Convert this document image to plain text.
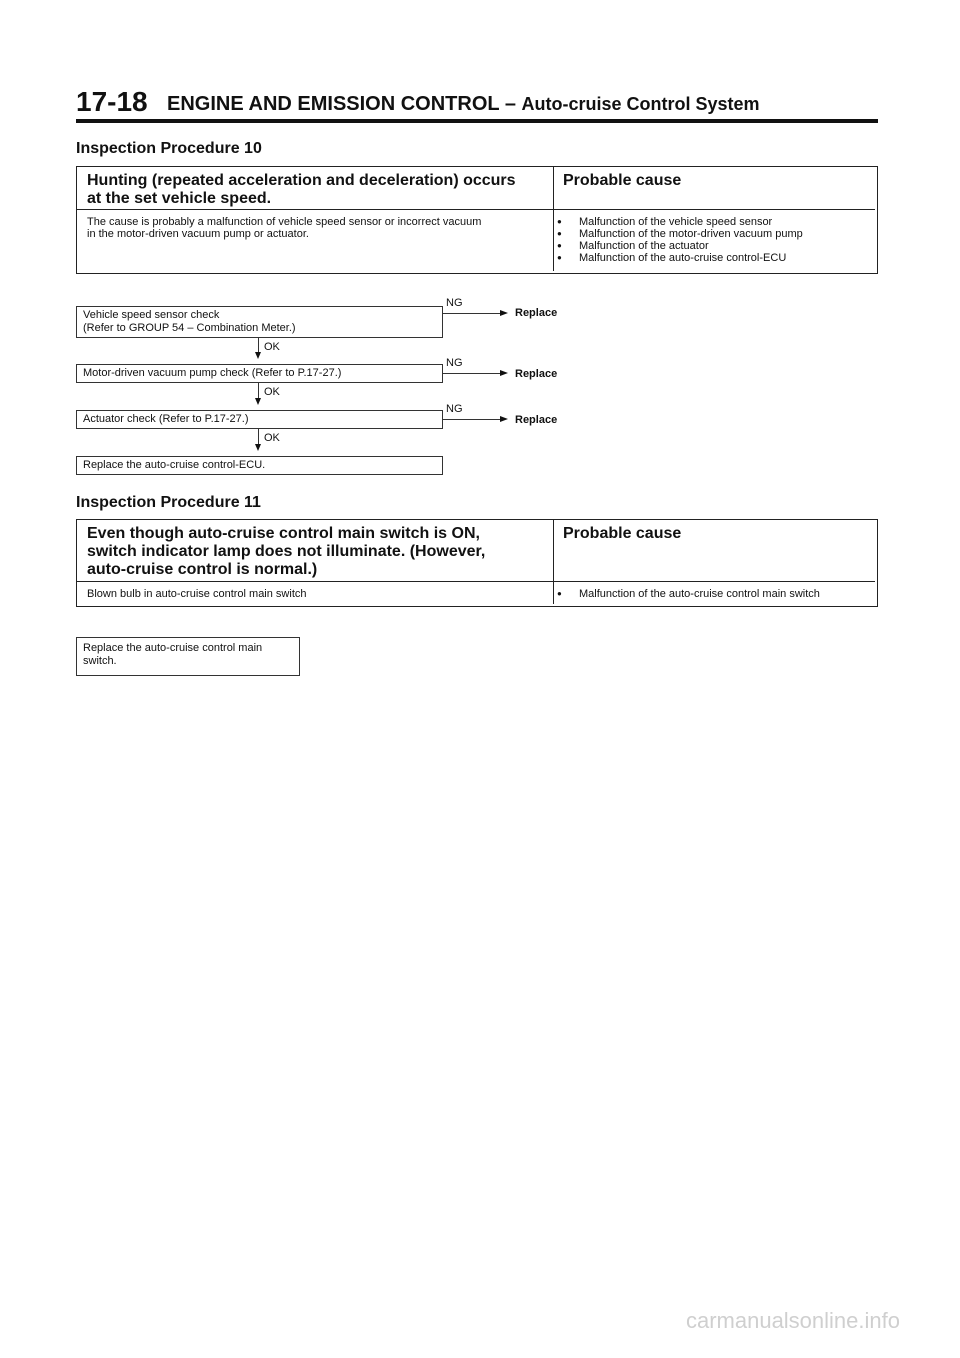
17-18 ENGINE AND EMISSION CONTROL – Auto-cruise Control System
Inspection Procedure 10
Hunting (repeated acceleration and deceleration) occurs
at the set vehicle speed.
Probable cause
The cause is probably a malfunction of vehicle speed sensor or incorrect vacuum
in the motor-driven vacuum pump or actuator.
● Malfunction of the vehicle speed sensor
● Malfunction of the motor-driven vacuum pump
● Malfunction of the actuator
● Malfunction of the auto-cruise control-ECU
Vehicle speed sensor check
(Refer to GROUP 54 – Combination Meter.)
NG
Replace
OK
Motor-driven vacuum pump check (Refer to P.17-27.)
NG
Replace
OK
Actuator check (Refer to P.17-27.)
NG
Replace
OK
Replace the auto-cruise control-ECU.
Inspection Procedure 11
Even though auto-cruise control main switch is ON,
switch indicator lamp does not illuminate. (However,
auto-cruise control is normal.)
Probable cause
Blown bulb in auto-cruise control main switch
●	Malfunction of the auto-cruise control main switch
Replace the auto-cruise control main
switch.
carmanualsonline.info
